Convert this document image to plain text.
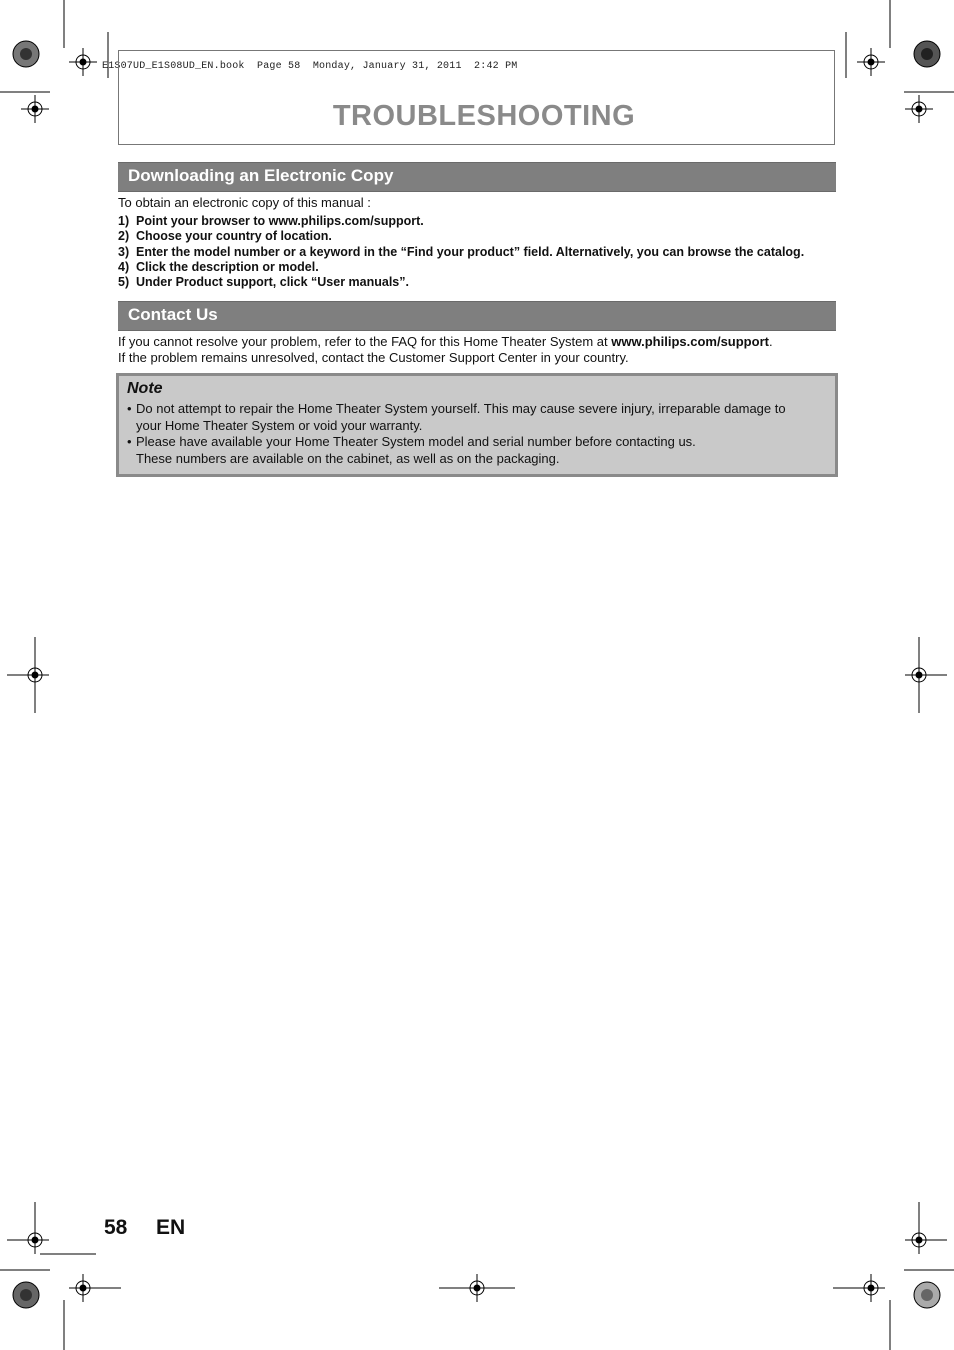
E1S07UD_E1S08UD_EN.book  Page 58  Monday, January 31, 2011  2:42 PM
TROUBLESHOOTING
Downloading an Electronic Copy
To obtain an electronic copy of this manual :
1) Point your browser to www.philips.com/support.
2) Choose your country of location.
3) Enter the model number or a keyword in the “Find your product” field. Alternatively, you can browse the catalog.
4) Click the description or model.
5) Under Product support, click “User manuals”.
Contact Us
If you cannot resolve your problem, refer to the FAQ for this Home Theater System at www.philips.com/support.
If the problem remains unresolved, contact the Customer Support Center in your country.
Note
• Do not attempt to repair the Home Theater System yourself. This may cause severe injury, irreparable damage to
your Home Theater System or void your warranty.
• Please have available your Home Theater System model and serial number before contacting us.
These numbers are available on the cabinet, as well as on the packaging.
58 EN
